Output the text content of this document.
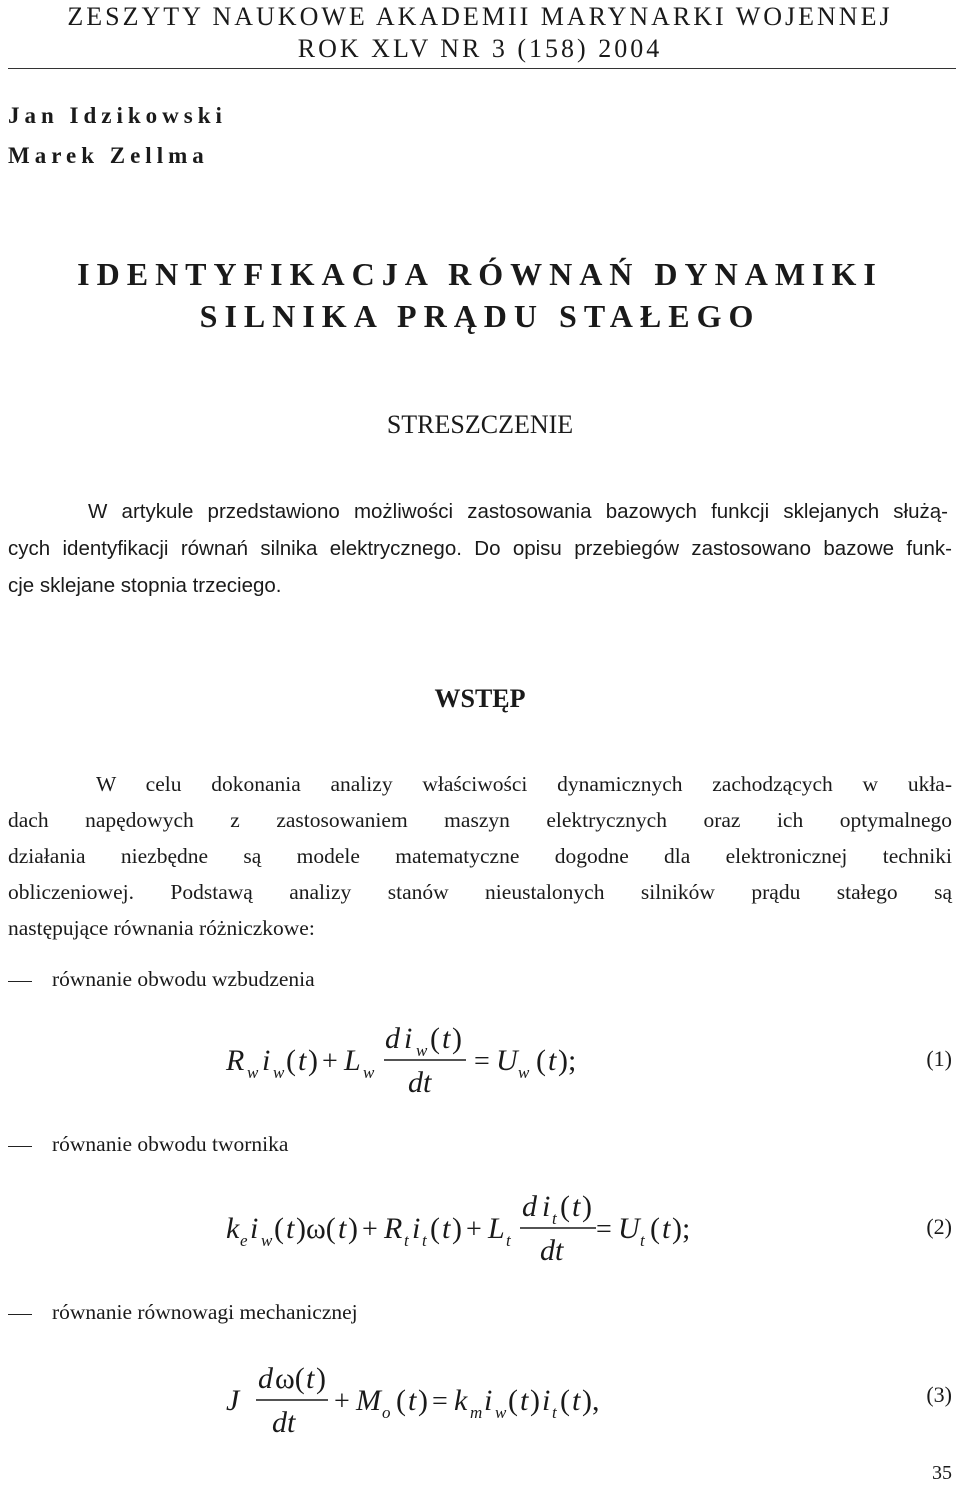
ZESZYTY NAUKOWE AKADEMII MARYNARKI WOJENNEJ
ROK XLV NR 3 (158) 2004
Jan Idzikowski
Marek Zellma
IDENTYFIKACJA RÓWNAŃ DYNAMIKI
SILNIKA PRĄDU STAŁEGO
STRESZCZENIE
W artykule przedstawiono możliwości zastosowania bazowych funkcji sklejanych służą-
cych identyfikacji równań silnika elektrycznego. Do opisu przebiegów zastosowano bazowe funk-
cje sklejane stopnia trzeciego.
WSTĘP
W celu dokonania analizy właściwości dynamicznych zachodzących w ukła-
dach napędowych z zastosowaniem maszyn elektrycznych oraz ich optymalnego
działania niezbędne są modele matematyczne dogodne dla elektronicznej techniki
obliczeniowej. Podstawą analizy stanów nieustalonych silników prądu stałego są
następujące równania różniczkowe:
równanie obwodu wzbudzenia
R w i w ( t ) + L w
d i w ( t )
dt
= U w ( t );	(1)
równanie obwodu twornika
k e i w ( t )ω( t ) + R t i t ( t ) + L t
d i t ( t )
dt
= U t ( t );	(2)
równanie równowagi mechanicznej
J
d ω( t )
dt
+ M o ( t ) = k m i w ( t ) i t ( t ),	(3)
35
